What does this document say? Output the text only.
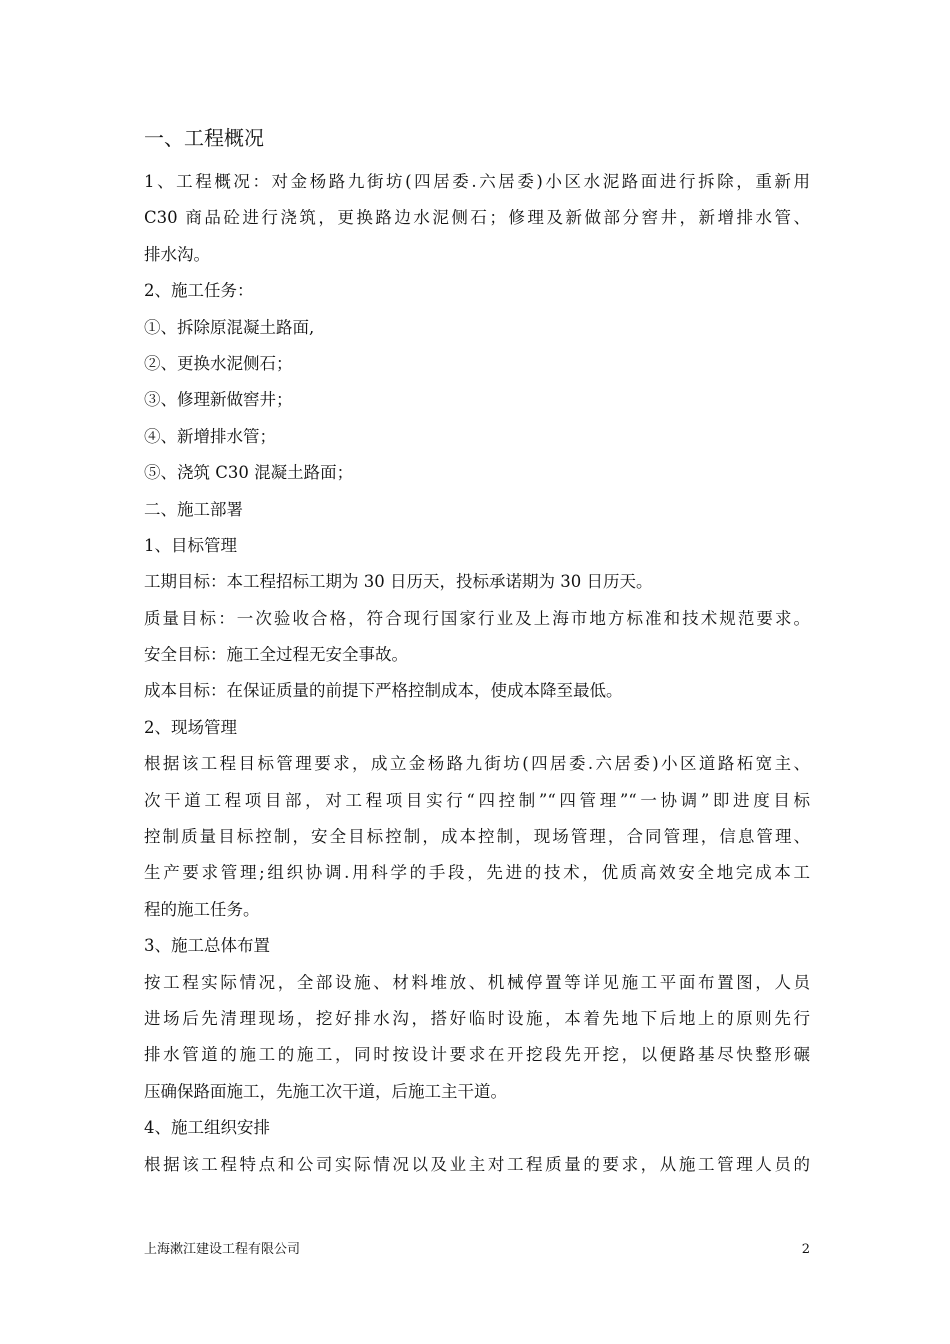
一、工程概况
1、工程概况：对金杨路九街坊(四居委.六居委)小区水泥路面进行拆除，重新用
C30 商品砼进行浇筑，更换路边水泥侧石；修理及新做部分窖井，新增排水管、
排水沟。
2、施工任务：
①、拆除原混凝土路面,
②、更换水泥侧石；
③、修理新做窖井；
④、新增排水管；
⑤、浇筑 C30 混凝土路面；
二、施工部署
1、目标管理
工期目标：本工程招标工期为 30 日历天，投标承诺期为 30 日历天。
质量目标：一次验收合格，符合现行国家行业及上海市地方标准和技术规范要求。
安全目标：施工全过程无安全事故。
成本目标：在保证质量的前提下严格控制成本，使成本降至最低。
2、现场管理
根据该工程目标管理要求，成立金杨路九街坊(四居委.六居委)小区道路柘宽主、
次干道工程项目部，对工程项目实行“四控制”“四管理”“一协调”即进度目标
控制质量目标控制，安全目标控制，成本控制，现场管理，合同管理，信息管理、
生产要求管理;组织协调.用科学的手段，先进的技术，优质高效安全地完成本工
程的施工任务。
3、施工总体布置
按工程实际情况，全部设施、材料堆放、机械停置等详见施工平面布置图，人员
进场后先清理现场，挖好排水沟，搭好临时设施，本着先地下后地上的原则先行
排水管道的施工的施工，同时按设计要求在开挖段先开挖，以便路基尽快整形碾
压确保路面施工，先施工次干道，后施工主干道。
4、施工组织安排
根据该工程特点和公司实际情况以及业主对工程质量的要求，从施工管理人员的
上海漱江建设工程有限公司	2
